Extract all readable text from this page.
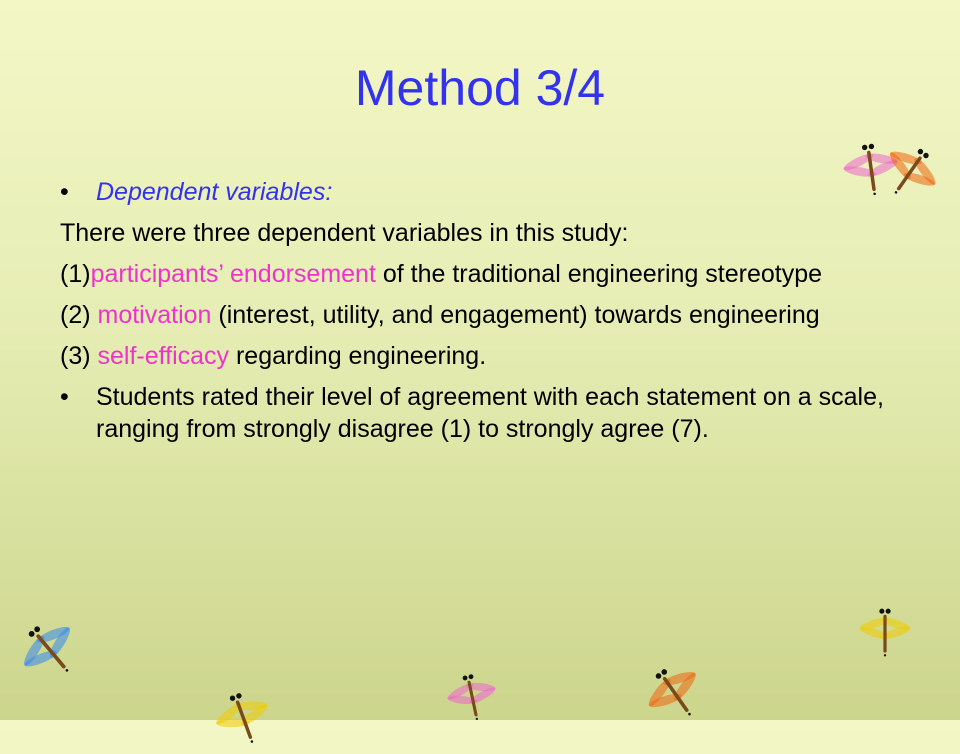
Method 3/4
• Dependent variables:
There were three dependent variables in this study:
(1)participants’ endorsement of the traditional engineering stereotype
(2) motivation (interest, utility, and engagement) towards engineering
(3) self-efficacy regarding engineering.
• Students rated their level of agreement with each statement on a scale, ranging from strongly disagree (1) to strongly agree (7).
